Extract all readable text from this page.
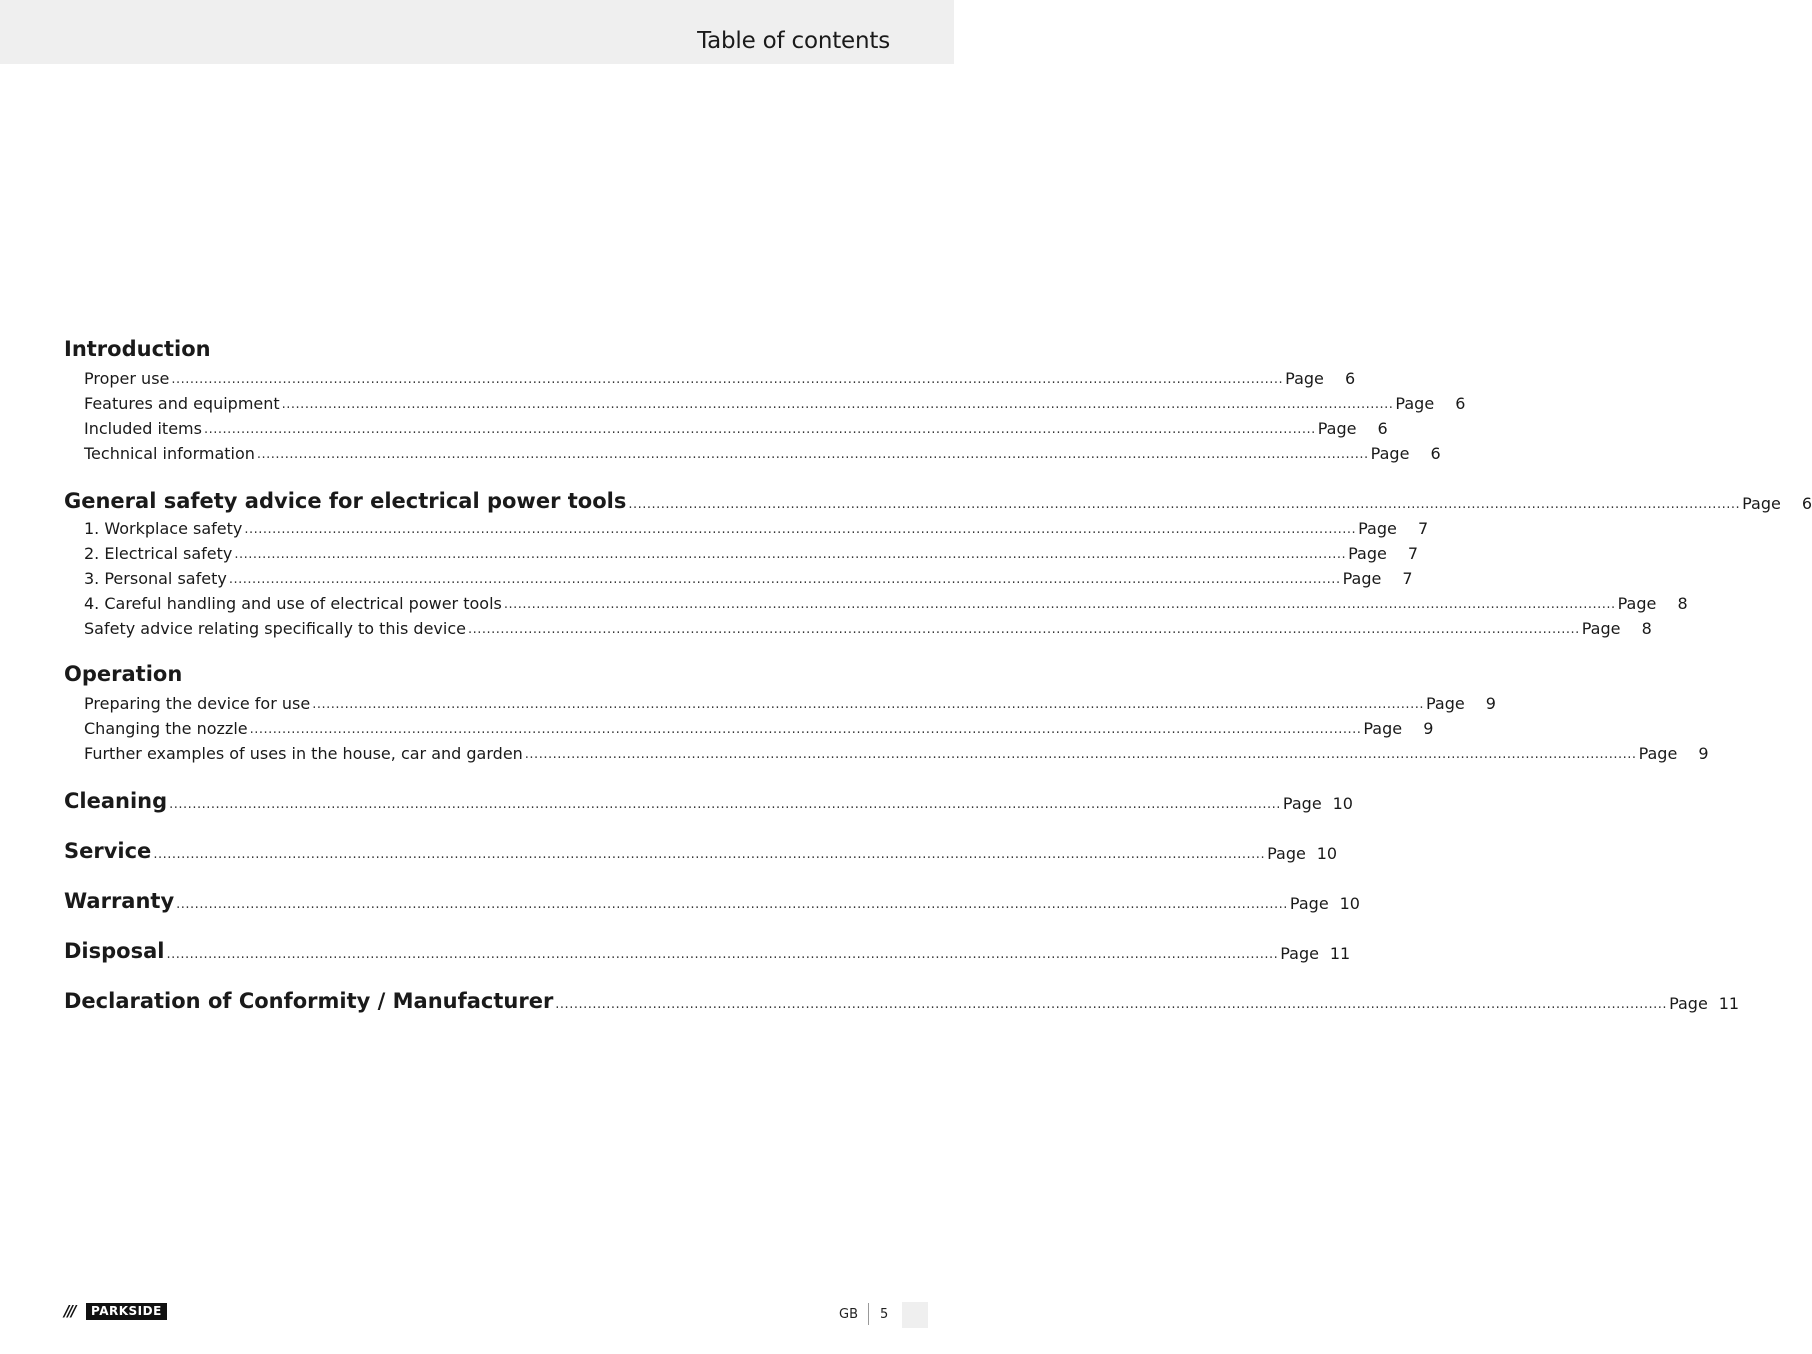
Table of contents
Introduction
Proper use ................................................................................................................................................................................................................................................ Page	6
Features and equipment ................................................................................................................................................................................................................................................ Page	6
Included items ................................................................................................................................................................................................................................................ Page	6
Technical information ................................................................................................................................................................................................................................................ Page	6
General safety advice for electrical power tools ................................................................................................................................................................................................................................................ Page	6
1. Workplace safety ................................................................................................................................................................................................................................................ Page	7
2. Electrical safety ................................................................................................................................................................................................................................................ Page	7
3. Personal safety ................................................................................................................................................................................................................................................ Page	7
4. Careful handling and use of electrical power tools ................................................................................................................................................................................................................................................ Page	8
Safety advice relating specifically to this device ................................................................................................................................................................................................................................................ Page	8
Operation
Preparing the device for use ................................................................................................................................................................................................................................................ Page	9
Changing the nozzle ................................................................................................................................................................................................................................................ Page	9
Further examples of uses in the house, car and garden ................................................................................................................................................................................................................................................ Page	9
Cleaning ................................................................................................................................................................................................................................................ Page 10
Service ................................................................................................................................................................................................................................................ Page 10
Warranty ................................................................................................................................................................................................................................................ Page 10
Disposal ................................................................................................................................................................................................................................................ Page 11
Declaration of Conformity / Manufacturer ................................................................................................................................................................................................................................................ Page 11
///	PARKSIDE	GB 5
